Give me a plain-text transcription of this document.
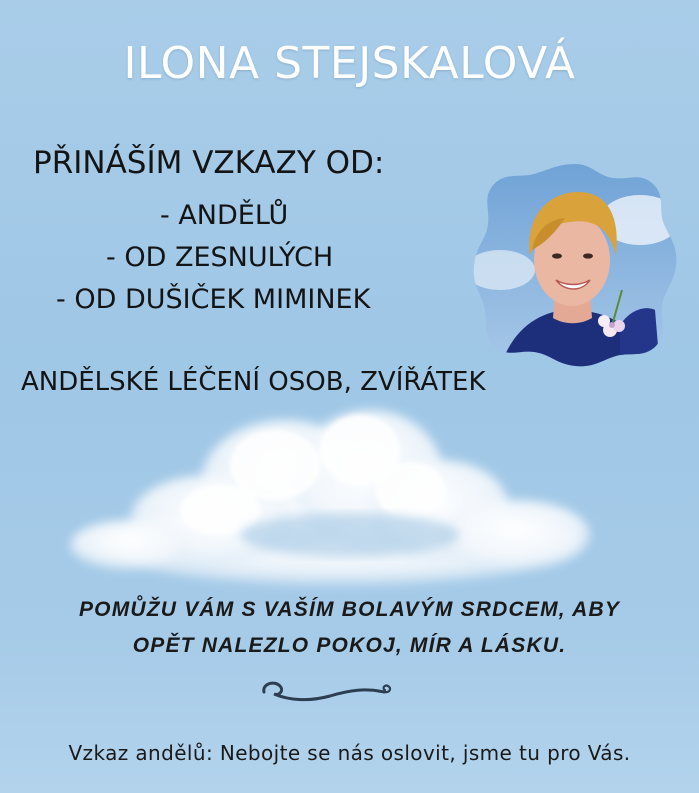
ILONA STEJSKALOVÁ
PŘINÁŠÍM VZKAZY OD:
- ANDĚLŮ
- OD ZESNULÝCH
- OD DUŠIČEK MIMINEK
ANDĚLSKÉ LÉČENÍ OSOB, ZVÍŘÁTEK
POMŮŽU VÁM S VAŠÍM BOLAVÝM SRDCEM, ABY
OPĚT NALEZLO POKOJ, MÍR A LÁSKU.
Vzkaz andělů: Nebojte se nás oslovit, jsme tu pro Vás.
